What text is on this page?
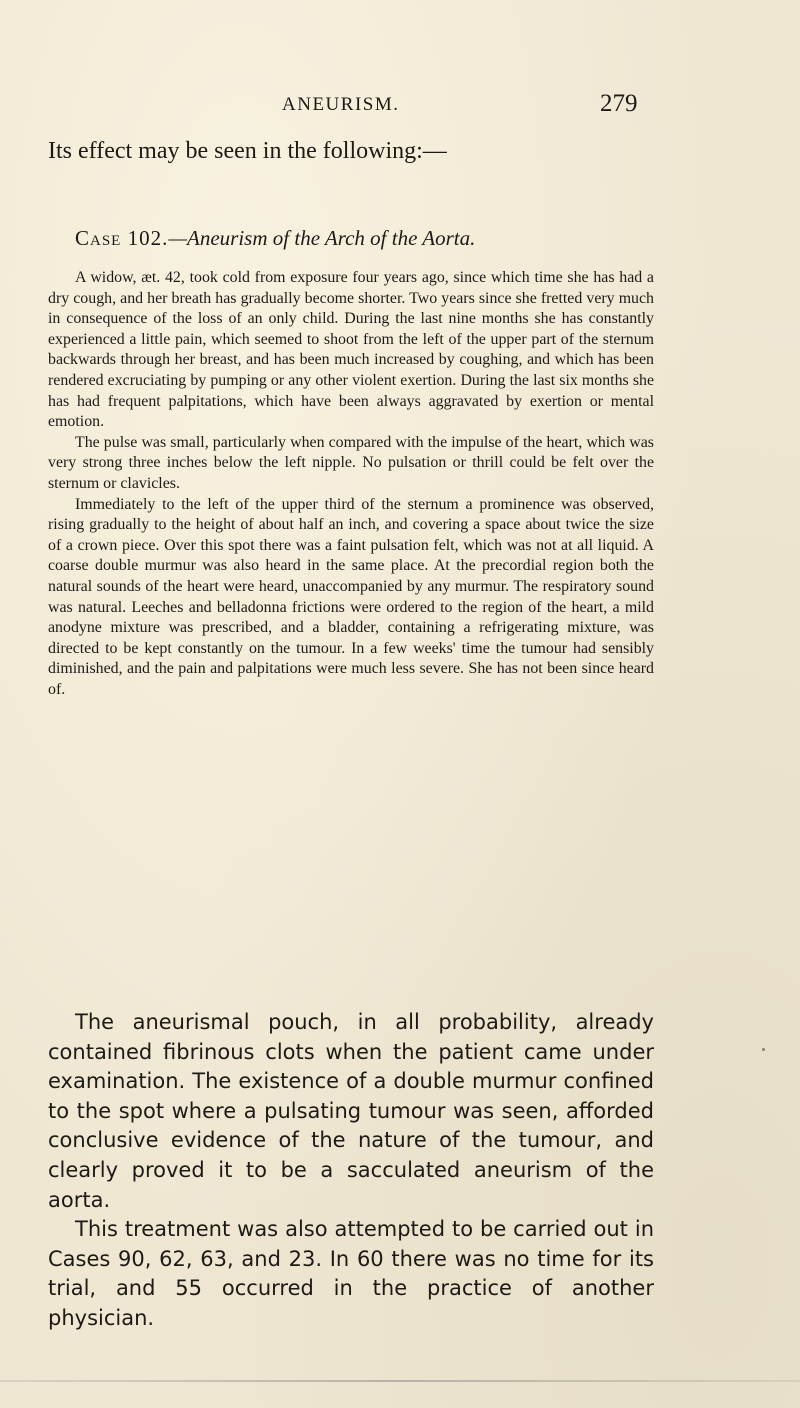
ANEURISM.	279

Its effect may be seen in the following:—

Case 102.—Aneurism of the Arch of the Aorta.

A widow, æt. 42, took cold from exposure four years ago, since which time she has had a dry cough, and her breath has gradually become shorter. Two years since she fretted very much in consequence of the loss of an only child. During the last nine months she has constantly experienced a little pain, which seemed to shoot from the left of the upper part of the sternum backwards through her breast, and has been much increased by coughing, and which has been rendered excruciating by pumping or any other violent exertion. During the last six months she has had frequent palpitations, which have been always aggravated by exertion or mental emotion.

The pulse was small, particularly when compared with the impulse of the heart, which was very strong three inches below the left nipple. No pulsation or thrill could be felt over the sternum or clavicles.

Immediately to the left of the upper third of the sternum a prominence was observed, rising gradually to the height of about half an inch, and covering a space about twice the size of a crown piece. Over this spot there was a faint pulsation felt, which was not at all liquid. A coarse double murmur was also heard in the same place. At the precordial region both the natural sounds of the heart were heard, unaccompanied by any murmur. The respiratory sound was natural. Leeches and belladonna frictions were ordered to the region of the heart, a mild anodyne mixture was prescribed, and a bladder, containing a refrigerating mixture, was directed to be kept constantly on the tumour. In a few weeks' time the tumour had sensibly diminished, and the pain and palpitations were much less severe. She has not been since heard of.

The aneurismal pouch, in all probability, already contained fibrinous clots when the patient came under examination. The existence of a double murmur confined to the spot where a pulsating tumour was seen, afforded conclusive evidence of the nature of the tumour, and clearly proved it to be a sacculated aneurism of the aorta.

This treatment was also attempted to be carried out in Cases 90, 62, 63, and 23. In 60 there was no time for its trial, and 55 occurred in the practice of another physician.
